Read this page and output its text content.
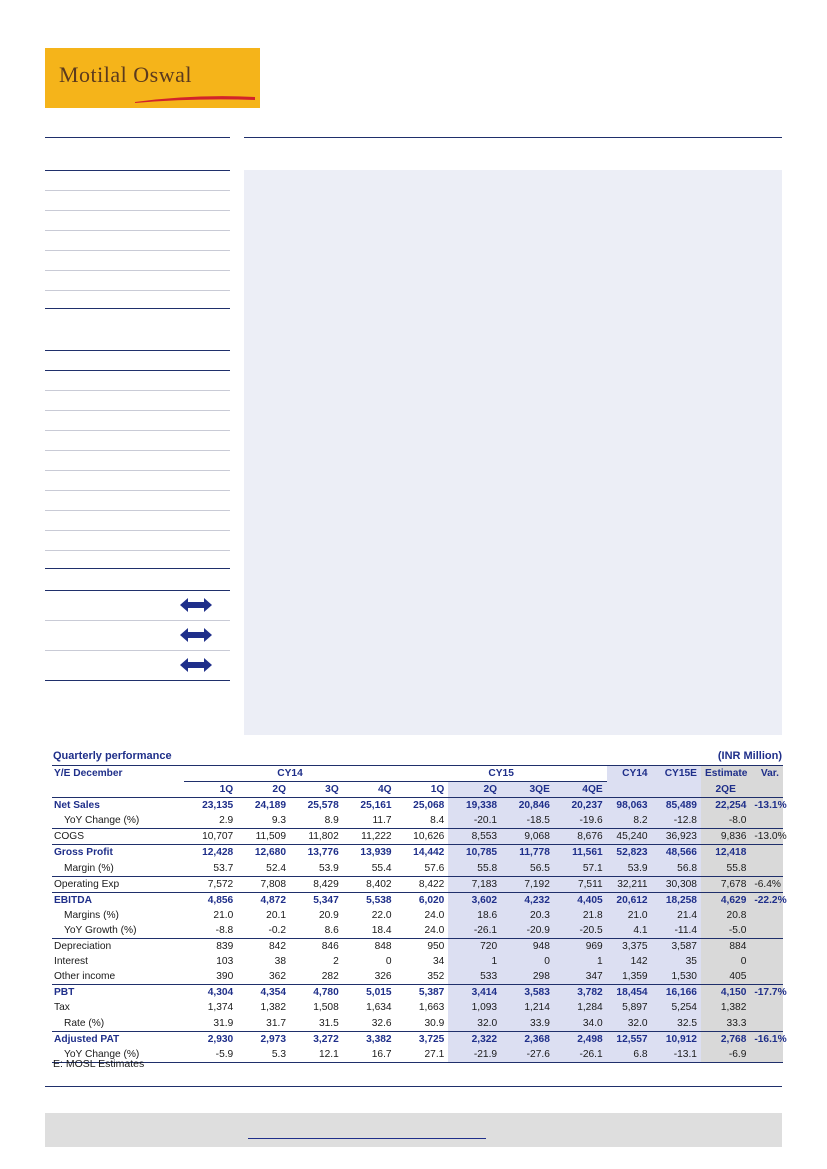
Motilal Oswal
Quarterly performance	(INR Million)
Y/E December	CY14				CY15				CY14	CY15E	Estimate	Var.
	1Q	2Q	3Q	4Q	1Q	2Q	3QE	4QE			2QE	
Net Sales	23,135	24,189	25,578	25,161	25,068	19,338	20,846	20,237	98,063	85,489	22,254	-13.1%
YoY Change (%)	2.9	9.3	8.9	11.7	8.4	-20.1	-18.5	-19.6	8.2	-12.8	-8.0	
COGS	10,707	11,509	11,802	11,222	10,626	8,553	9,068	8,676	45,240	36,923	9,836	-13.0%
Gross Profit	12,428	12,680	13,776	13,939	14,442	10,785	11,778	11,561	52,823	48,566	12,418	
Margin (%)	53.7	52.4	53.9	55.4	57.6	55.8	56.5	57.1	53.9	56.8	55.8	
Operating Exp	7,572	7,808	8,429	8,402	8,422	7,183	7,192	7,511	32,211	30,308	7,678	-6.4%
EBITDA	4,856	4,872	5,347	5,538	6,020	3,602	4,232	4,405	20,612	18,258	4,629	-22.2%
Margins (%)	21.0	20.1	20.9	22.0	24.0	18.6	20.3	21.8	21.0	21.4	20.8	
YoY Growth (%)	-8.8	-0.2	8.6	18.4	24.0	-26.1	-20.9	-20.5	4.1	-11.4	-5.0	
Depreciation	839	842	846	848	950	720	948	969	3,375	3,587	884	
Interest	103	38	2	0	34	1	0	1	142	35	0	
Other income	390	362	282	326	352	533	298	347	1,359	1,530	405	
PBT	4,304	4,354	4,780	5,015	5,387	3,414	3,583	3,782	18,454	16,166	4,150	-17.7%
Tax	1,374	1,382	1,508	1,634	1,663	1,093	1,214	1,284	5,897	5,254	1,382	
Rate (%)	31.9	31.7	31.5	32.6	30.9	32.0	33.9	34.0	32.0	32.5	33.3	
Adjusted PAT	2,930	2,973	3,272	3,382	3,725	2,322	2,368	2,498	12,557	10,912	2,768	-16.1%
YoY Change (%)	-5.9	5.3	12.1	16.7	27.1	-21.9	-27.6	-26.1	6.8	-13.1	-6.9	
E: MOSL Estimates
